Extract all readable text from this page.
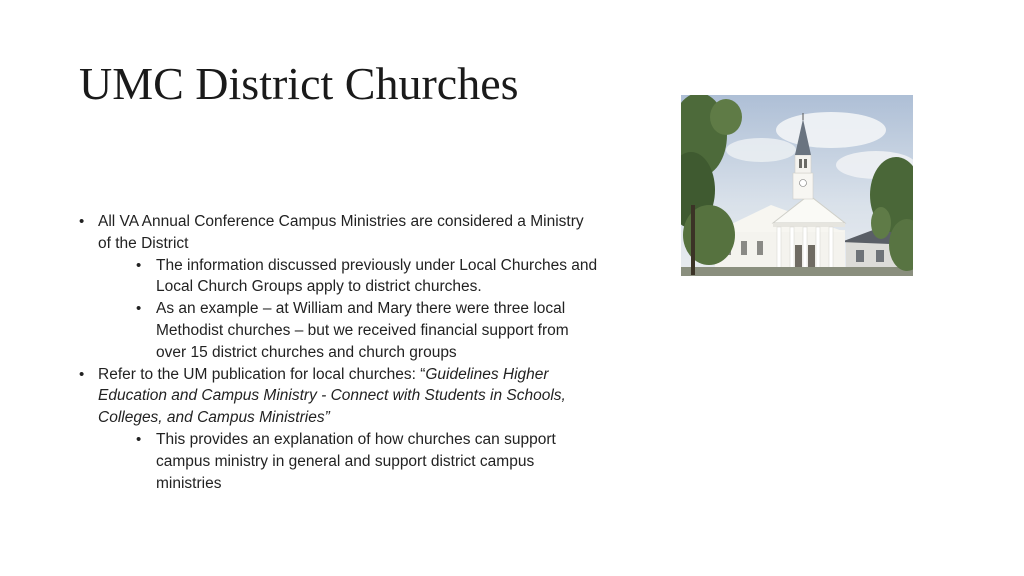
UMC District Churches
• All VA Annual Conference Campus Ministries are considered a Ministry of the District
• The information discussed previously under Local Churches and Local Church Groups apply to district churches.
• As an example – at William and Mary there were three local Methodist churches – but we received financial support from over 15 district churches and church groups
• Refer to the UM publication for local churches: “Guidelines Higher Education and Campus Ministry - Connect with Students in Schools, Colleges, and Campus Ministries”
• This provides an explanation of how churches can support campus ministry in general and support district campus ministries
